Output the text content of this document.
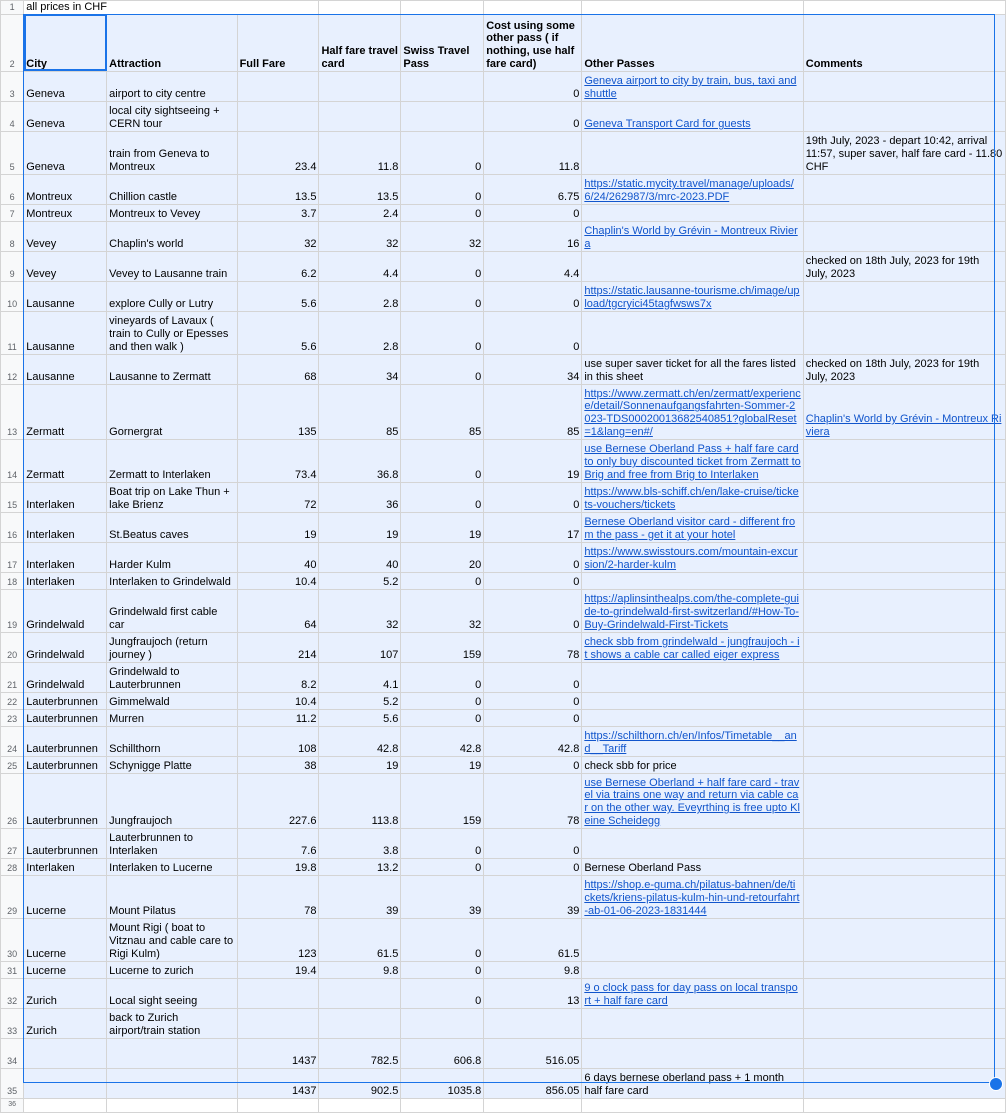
1	all prices in CHF							
2	City	Attraction	Full Fare	Half fare travel card	Swiss Travel Pass	Cost using some other pass ( if nothing, use half fare card)	Other Passes	Comments
3	Geneva	airport to city centre				0	Geneva airport to city by train, bus, taxi and shuttle	
4	Geneva	local city sightseeing + CERN tour				0	Geneva Transport Card for guests	
5	Geneva	train from Geneva to Montreux	23.4	11.8	0	11.8		19th July, 2023 - depart 10:42, arrival 11:57, super saver, half fare card - 11.80 CHF
6	Montreux	Chillion castle	13.5	13.5	0	6.75	https://static.mycity.travel/manage/uploads/6/24/262987/3/mrc-2023.PDF	
7	Montreux	Montreux to Vevey	3.7	2.4	0	0		
8	Vevey	Chaplin's world	32	32	32	16	Chaplin's World by Grévin - Montreux Riviera	
9	Vevey	Vevey to Lausanne train	6.2	4.4	0	4.4		checked on 18th July, 2023 for 19th July, 2023
10	Lausanne	explore Cully or Lutry	5.6	2.8	0	0	https://static.lausanne-tourisme.ch/image/upload/tgcryici45tagfwsws7x	
11	Lausanne	vineyards of Lavaux ( train to Cully or Epesses and then walk )	5.6	2.8	0	0		
12	Lausanne	Lausanne to Zermatt	68	34	0	34	use super saver ticket for all the fares listed in this sheet	checked on 18th July, 2023 for 19th July, 2023
13	Zermatt	Gornergrat	135	85	85	85	https://www.zermatt.ch/en/zermatt/experience/detail/Sonnenaufgangsfahrten-Sommer-2023-TDS00020013682540851?globalReset=1&lang=en#/	Chaplin's World by Grévin - Montreux Riviera
14	Zermatt	Zermatt to Interlaken	73.4	36.8	0	19	use Bernese Oberland Pass + half fare card to only buy discounted ticket from Zermatt to Brig and free from Brig to Interlaken	
15	Interlaken	Boat trip on Lake Thun + lake Brienz	72	36	0	0	https://www.bls-schiff.ch/en/lake-cruise/tickets-vouchers/tickets	
16	Interlaken	St.Beatus caves	19	19	19	17	Bernese Oberland visitor card - different from the pass - get it at your hotel	
17	Interlaken	Harder Kulm	40	40	20	0	https://www.swisstours.com/mountain-excursion/2-harder-kulm	
18	Interlaken	Interlaken to Grindelwald	10.4	5.2	0	0		
19	Grindelwald	Grindelwald first cable car	64	32	32	0	https://aplinsinthealps.com/the-complete-guide-to-grindelwald-first-switzerland/#How-To-Buy-Grindelwald-First-Tickets	
20	Grindelwald	Jungfraujoch (return journey )	214	107	159	78	check sbb from grindelwald - jungfraujoch - it shows a cable car called eiger express	
21	Grindelwald	Grindelwald to Lauterbrunnen	8.2	4.1	0	0		
22	Lauterbrunnen	Gimmelwald	10.4	5.2	0	0		
23	Lauterbrunnen	Murren	11.2	5.6	0	0		
24	Lauterbrunnen	Schillthorn	108	42.8	42.8	42.8	https://schilthorn.ch/en/Infos/Timetable__and__Tariff	
25	Lauterbrunnen	Schynigge Platte	38	19	19	0	check sbb for price	
26	Lauterbrunnen	Jungfraujoch	227.6	113.8	159	78	use Bernese Oberland + half fare card - travel via trains one way and return via cable car on the other way. Eveyrthing is free upto Kleine Scheidegg	
27	Lauterbrunnen	Lauterbrunnen to Interlaken	7.6	3.8	0	0		
28	Interlaken	Interlaken to Lucerne	19.8	13.2	0	0	Bernese Oberland Pass	
29	Lucerne	Mount Pilatus	78	39	39	39	https://shop.e-guma.ch/pilatus-bahnen/de/tickets/kriens-pilatus-kulm-hin-und-retourfahrt-ab-01-06-2023-1831444	
30	Lucerne	Mount Rigi ( boat to Vitznau and cable care to Rigi Kulm)	123	61.5	0	61.5		
31	Lucerne	Lucerne to zurich	19.4	9.8	0	9.8		
32	Zurich	Local sight seeing			0	13	9 o clock pass for day pass on local transport + half fare card	
33	Zurich	back to Zurich airport/train station						
34			1437	782.5	606.8	516.05		
35			1437	902.5	1035.8	856.05	6 days bernese oberland pass + 1 month half fare card	
36								
